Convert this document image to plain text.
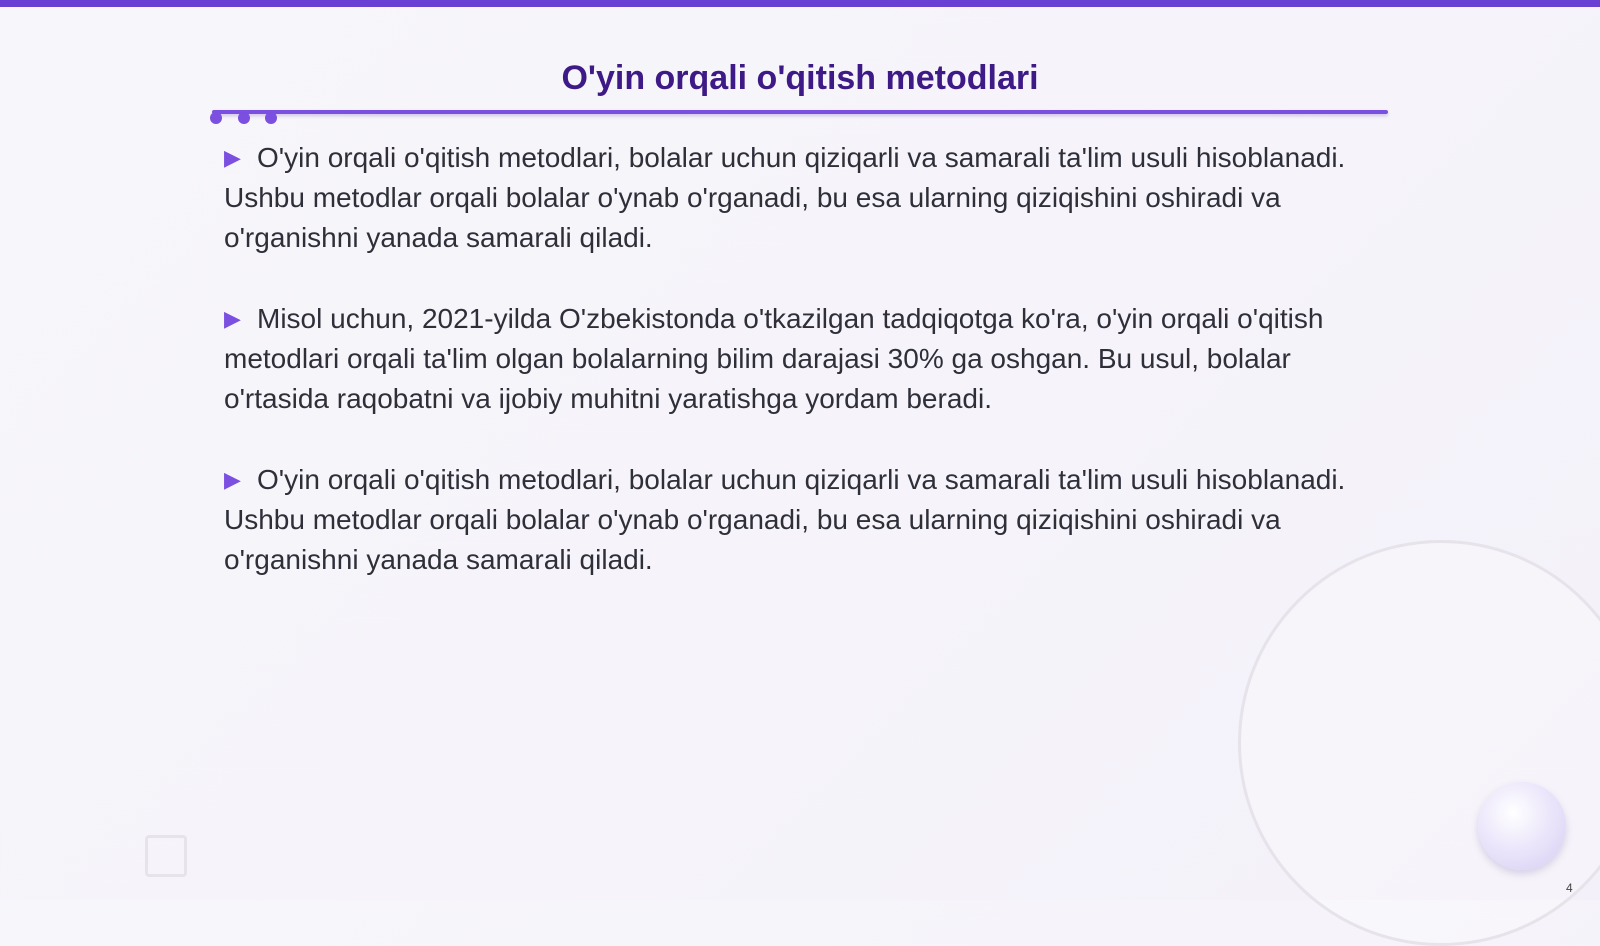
O'yin orqali o'qitish metodlari

▶ O'yin orqali o'qitish metodlari, bolalar uchun qiziqarli va samarali ta'lim usuli hisoblanadi. Ushbu metodlar orqali bolalar o'ynab o'rganadi, bu esa ularning qiziqishini oshiradi va o'rganishni yanada samarali qiladi.

▶ Misol uchun, 2021-yilda O'zbekistonda o'tkazilgan tadqiqotga ko'ra, o'yin orqali o'qitish metodlari orqali ta'lim olgan bolalarning bilim darajasi 30% ga oshgan. Bu usul, bolalar o'rtasida raqobatni va ijobiy muhitni yaratishga yordam beradi.

▶ O'yin orqali o'qitish metodlari, bolalar uchun qiziqarli va samarali ta'lim usuli hisoblanadi. Ushbu metodlar orqali bolalar o'ynab o'rganadi, bu esa ularning qiziqishini oshiradi va o'rganishni yanada samarali qiladi.

4
